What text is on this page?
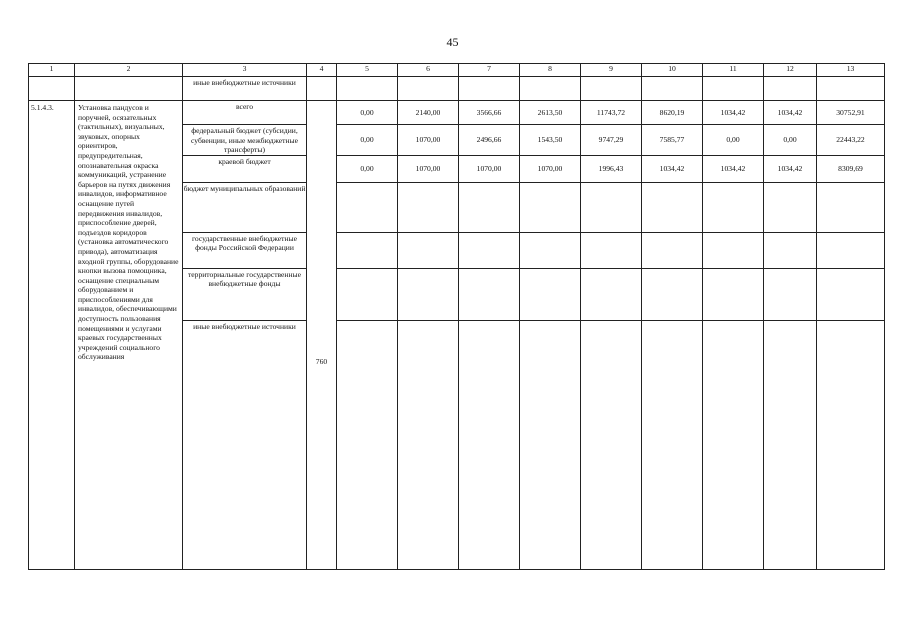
45
1	2	3	4	5	6	7	8	9	10	11	12	13
		иные внебюджетные источники										
5.1.4.3.	Установка пандусов и поручней, осязательных (тактильных), визуальных, звуковых, опорных ориентиров, предупредительная, опознавательная окраска коммуникаций, устранение барьеров на путях движения инвалидов, информативное оснащение путей передвижения инвалидов, приспособление дверей, подъездов коридоров (установка автоматического привода), автоматизация входной группы, оборудование кнопки вызова помощника, оснащение специальным оборудованием и приспособлениями для инвалидов, обеспечивающими доступность пользования помещениями и услугами краевых государственных учреждений социального обслуживания	всего	760	0,00	2140,00	3566,66	2613,50	11743,72	8620,19	1034,42	1034,42	30752,91
		федеральный бюджет (субсидии, субвенции, иные межбюджетные трансферты)		0,00	1070,00	2496,66	1543,50	9747,29	7585,77	0,00	0,00	22443,22
		краевой бюджет		0,00	1070,00	1070,00	1070,00	1996,43	1034,42	1034,42	1034,42	8309,69
		бюджет муниципальных образований										
		государственные внебюджетные фонды Российской Федерации										
		территориальные государственные внебюджетные фонды										
		иные внебюджетные источники										
